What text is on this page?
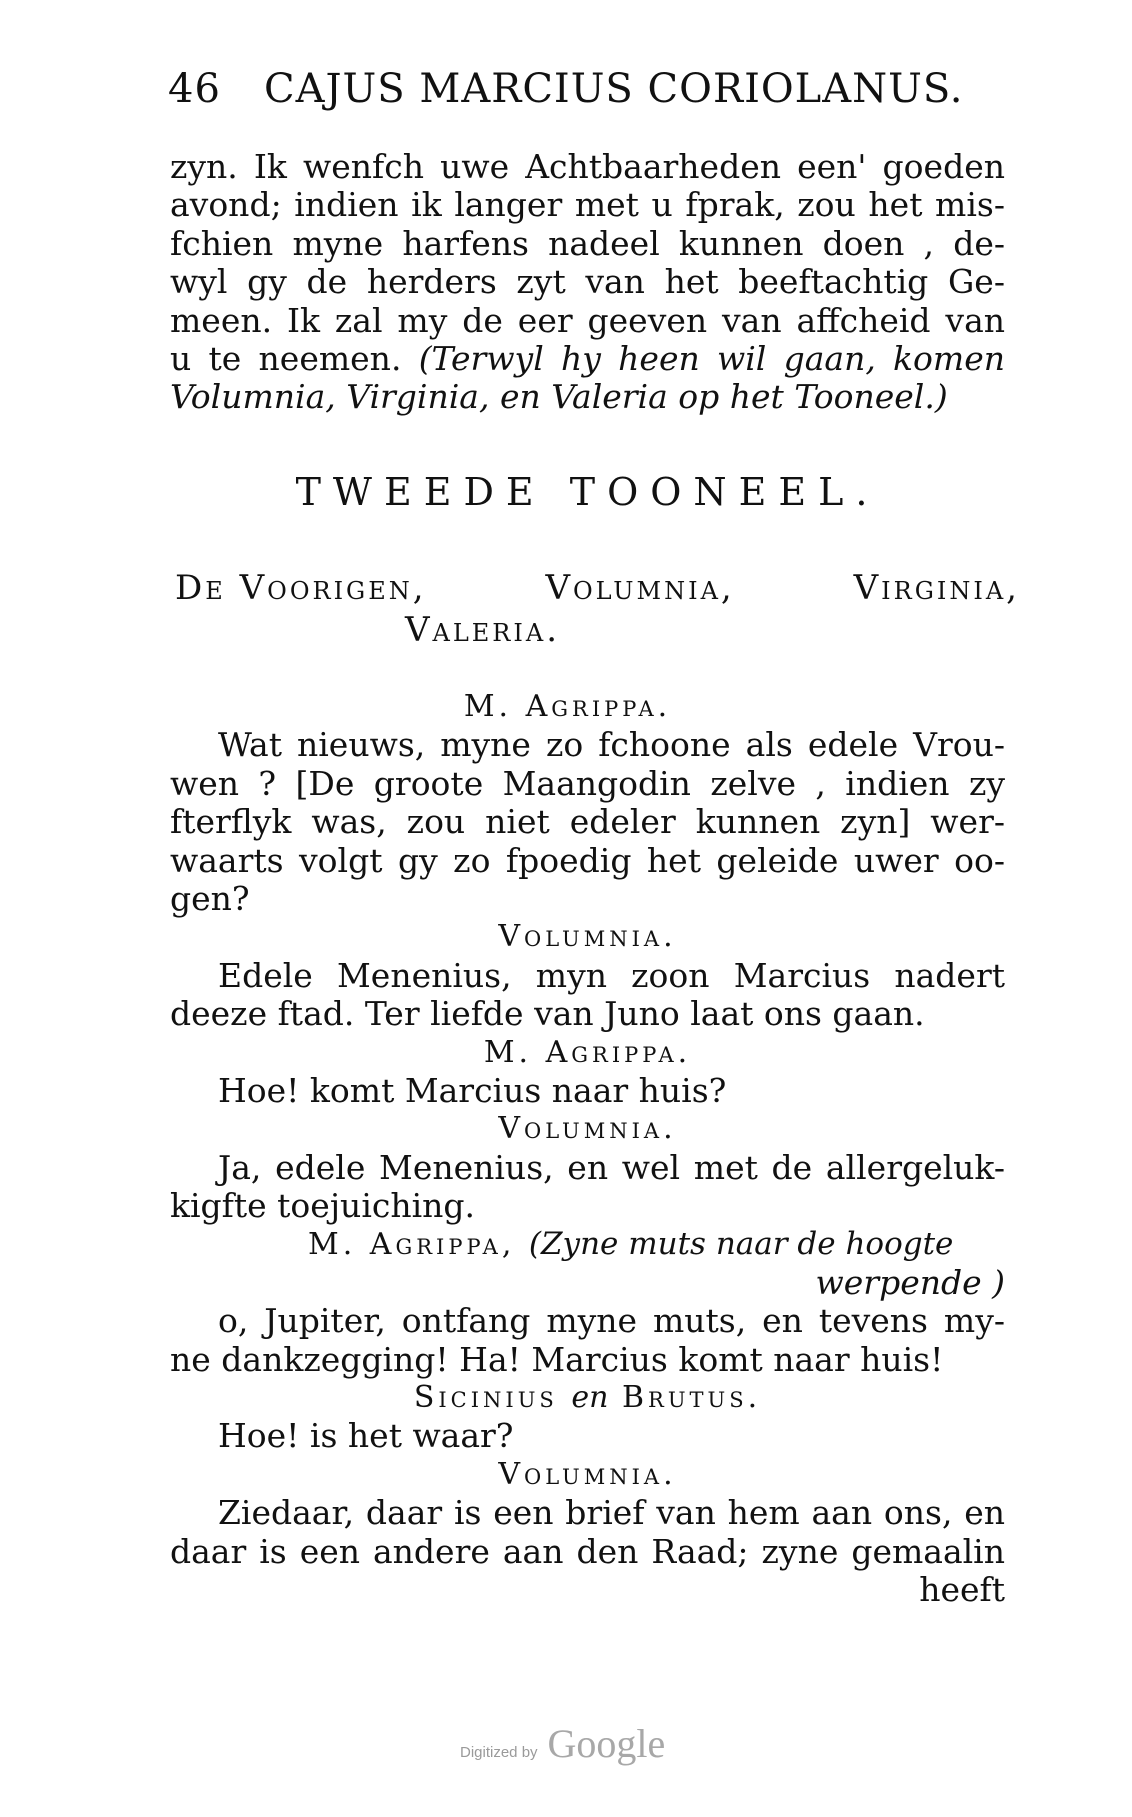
46 CAJUS MARCIUS CORIOLANUS.
zyn. Ik wenfch uwe Achtbaarheden een' goeden
avond; indien ik langer met u fprak, zou het mis-
fchien myne harfens nadeel kunnen doen , de-
wyl gy de herders zyt van het beeftachtig Ge-
meen. Ik zal my de eer geeven van affcheid van
u te neemen. (Terwyl hy heen wil gaan, komen
Volumnia, Virginia, en Valeria op het Tooneel.)
TWEEDE TOONEEL.
De Voorigen,	Volumnia,	Virginia,
Valeria.
M. Agrippa.
Wat nieuws, myne zo fchoone als edele Vrou-
wen ? [De groote Maangodin zelve , indien zy
fterflyk was, zou niet edeler kunnen zyn] wer-
waarts volgt gy zo fpoedig het geleide uwer oo-
gen?
Volumnia.
Edele Menenius, myn zoon Marcius nadert
deeze ftad. Ter liefde van Juno laat ons gaan.
M. Agrippa.
Hoe! komt Marcius naar huis?
Volumnia.
Ja, edele Menenius, en wel met de allergeluk-
kigfte toejuiching.
M. Agrippa, (Zyne muts naar de hoogte
werpende )
o, Jupiter, ontfang myne muts, en tevens my-
ne dankzegging! Ha! Marcius komt naar huis!
Sicinius en Brutus.
Hoe! is het waar?
Volumnia.
Ziedaar, daar is een brief van hem aan ons, en
daar is een andere aan den Raad; zyne gemaalin
heeft
Digitized by Google
